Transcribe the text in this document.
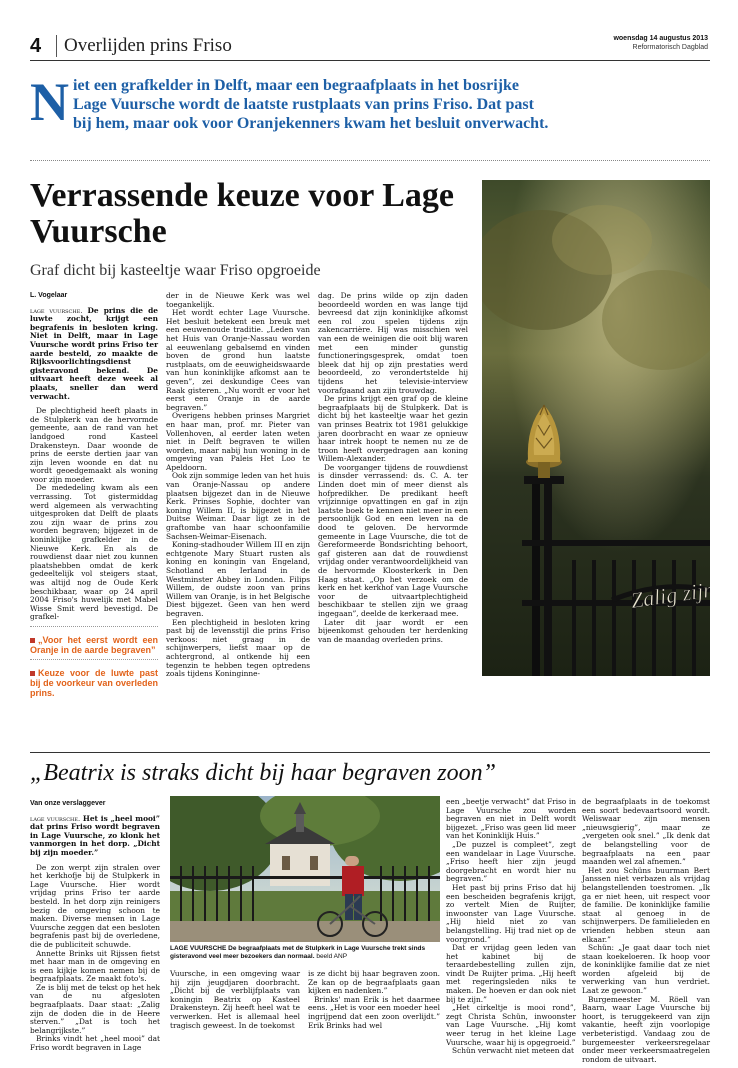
4 Overlijden prins Friso	woensdag 14 augustus 2013
Reformatorisch Dagblad
Niet een grafkelder in Delft, maar een begraafplaats in het bosrijke Lage Vuursche wordt de laatste rustplaats van prins Friso. Dat past bij hem, maar ook voor Oranjekenners kwam het besluit onverwacht.
Verrassende keuze voor Lage Vuursche
Graf dicht bij kasteeltje waar Friso opgroeide
L. Vogelaar

lage vuursche. De prins die de luwte zocht, krijgt een begrafenis in besloten kring. Niet in Delft, maar in Lage Vuursche wordt prins Friso ter aarde besteld, zo maakte de Rijksvoorlichtingsdienst gisteravond bekend. De uitvaart heeft deze week al plaats, sneller dan werd verwacht.

De plechtigheid heeft plaats in de Stulpkerk van de hervormde gemeente, aan de rand van het landgoed rond Kasteel Drakensteyn. Daar woonde de prins de eerste dertien jaar van zijn leven woonde en dat nu wordt geoedgemaakt als woning voor zijn moeder.

De mededeling kwam als een verrassing. Tot gistermiddag werd algemeen als verwachting uitgesproken dat Delft de plaats zou zijn waar de prins zou worden begraven; bijgezet in de koninklijke grafkelder in de Nieuwe Kerk. En als de rouwdienst daar niet zou kunnen plaatshebben omdat de kerk gedeeltelijk vol steigers staat, was altijd nog de Oude Kerk beschikbaar, waar op 24 april 2004 Friso's huwelijk met Mabel Wisse Smit werd bevestigd. De grafkel-

„Voor het eerst wordt een Oranje in de aarde begraven”
Keuze voor de luwte past bij de voorkeur van overleden prins.

der in de Nieuwe Kerk was wel toegankelijk.

Het wordt echter Lage Vuursche. Het besluit betekent een breuk met een eeuwenoude traditie. „Leden van het Huis van Oranje-Nassau worden al eeuwenlang gebalsemd en vinden boven de grond hun laatste rustplaats, om de eeuwigheidswaarde van hun koninklijke afkomst aan te geven”, zei deskundige Cees van Raak gisteren. „Nu wordt er voor het eerst een Oranje in de aarde begraven.”

Overigens hebben prinses Margriet en haar man, prof. mr. Pieter van Vollenhoven, al eerder laten weten niet in Delft begraven te willen worden, maar nabij hun woning in de omgeving van Paleis Het Loo te Apeldoorn.

Ook zijn sommige leden van het huis van Oranje-Nassau op andere plaatsen bijgezet dan in de Nieuwe Kerk. Prinses Sophie, dochter van koning Willem II, is bijgezet in het Duitse Weimar. Daar ligt ze in de graftombe van haar schoonfamilie Sachsen-Weimar-Eisenach.

Koning-stadhouder Willem III en zijn echtgenote Mary Stuart rusten als koning en koningin van Engeland, Schotland en Ierland in de Westminster Abbey in Londen. Filips Willem, de oudste zoon van prins Willem van Oranje, is in het Belgische Diest bijgezet. Geen van hen werd begraven.

Een plechtigheid in besloten kring past bij de levensstijl die prins Friso verkoos: niet graag in de schijnwerpers, liefst maar op de achtergrond, al ontkende hij een tegenzin te hebben tegen optredens zoals tijdens Koninginne-

dag. De prins wilde op zijn daden beoordeeld worden en was lange tijd bevreesd dat zijn koninklijke afkomst een rol zou spelen tijdens zijn zakencarrière. Hij was misschien wel van een de weinigen die ooit blij waren met een minder gunstig functioneringsgesprek, omdat toen bleek dat hij op zijn prestaties werd beoordeeld, zo verondertstelde hij tijdens het televisie-interview voorafgaand aan zijn trouwdag.

De prins krijgt een graf op de kleine begraafplaats bij de Stulpkerk. Dat is dicht bij het kasteeltje waar het gezin van prinses Beatrix tot 1981 gelukkige jaren doorbracht en waar ze opnieuw haar intrek hoopt te nemen nu ze de troon heeft overgedragen aan koning Willem-Alexander.

De voorganger tijdens de rouwdienst is dinsder verrassend: ds. C. A. ter Linden doet min of meer dienst als hofpredikher. De predikant heeft vrijzinnige opvattingen en gaf in zijn laatste boek te kennen niet meer in een persoonlijk God en een leven na de dood te geloven. De hervormde gemeente in Lage Vuursche, die tot de Gereformeerde Bondsrichting behoort, gaf gisteren aan dat de rouwdienst vrijdag onder verantwoordelijkheid van de hervormde Kloosterkerk in Den Haag staat. „Op het verzoek om de kerk en het kerkhof van Lage Vuursche voor de uitvaartplechtigheid beschikbaar te stellen zijn we graag ingegaan”, deelde de kerkeraad mee.

Later dit jaar wordt er een bijeenkomst gehouden ter herdenking van de maandag overleden prins.

Zalig zijn
„Beatrix is straks dicht bij haar begraven zoon”
Van onze verslaggever

lage vuursche. Het is „heel mooi” dat prins Friso wordt begraven in Lage Vuursche, zo klonk het vanmorgen in het dorp. „Dicht bij zijn moeder.”

De zon werpt zijn stralen over het kerkhofje bij de Stulpkerk in Lage Vuursche. Hier wordt vrijdag prins Friso ter aarde besteld. In het dorp zijn reinigers bezig de omgeving schoon te maken. Diverse mensen in Lage Vuursche zeggen dat een besloten begrafenis past bij de overledene, die de publiciteit schuwde.

Annette Brinks uit Rijssen fietst met haar man in de omgeving en is een kijkje komen nemen bij de begraafplaats. Ze maakt foto's.

Ze is blij met de tekst op het hek van de nu afgesloten begraafplaats. Daar staat: „Zalig zijn de doden die in de Heere sterven.” „Dat is toch het belangrijkste.”

Brinks vindt het „heel mooi” dat Friso wordt begraven in Lage

LAGE VUURSCHE De begraafplaats met de Stulpkerk in Lage Vuursche trekt sinds gisteravond veel meer bezoekers dan normaal. beeld ANP

Vuursche, in een omgeving waar hij zijn jeugdjaren doorbracht. „Dicht bij de verblijfplaats van koningin Beatrix op Kasteel Drakensteyn. Zij heeft heel wat te verwerken. Het is allemaal heel tragisch geweest. In de toekomst

is ze dicht bij haar begraven zoon. Ze kan op de begraafplaats gaan kijken en nadenken.”

Brinks' man Erik is het daarmee eens. „Het is voor een moeder heel ingrijpend dat een zoon overlijdt.” Erik Brinks had wel

een „beetje verwacht” dat Friso in Lage Vuursche zou worden begraven en niet in Delft wordt bijgezet. „Friso was geen lid meer van het Koninklijk Huis.”

„De puzzel is compleet”, zegt een wandelaar in Lage Vuursche. „Friso heeft hier zijn jeugd doorgebracht en wordt hier nu begraven.”

Het past bij prins Friso dat hij een bescheiden begrafenis krijgt, zo vertelt Mien de Ruijter, inwoonster van Lage Vuursche. „Hij hield niet zo van belangstelling. Hij trad niet op de voorgrond.”

Dat er vrijdag geen leden van het kabinet bij de teraardebestelling zullen zijn, vindt De Ruijter prima. „Hij heeft met regeringsleden niks te maken. De hoeven er dan ook niet bij te zijn.”

„Het cirkeltje is mooi rond”, zegt Christa Schün, inwoonster van Lage Vuursche. „Hij komt weer terug in het kleine Lage Vuursche, waar hij is opgegroeid.”

Schün verwacht niet meteen dat

de begraafplaats in de toekomst een soort bedevaartsoord wordt. Weliswaar zijn mensen „nieuwsgierig”, maar ze „vergeten ook snel.” „Ik denk dat de belangstelling voor de begraafplaats na een paar maanden wel zal afnemen.”

Het zou Schüns buurman Bert Janssen niet verbazen als vrijdag belangstellenden toestromen. „Ik ga er niet heen, uit respect voor de familie. De koninklijke familie staat al genoeg in de schijnwerpers. De familieleden en vrienden hebben steun aan elkaar.”

Schün: „Je gaat daar toch niet staan koekeloeren. Ik hoop voor de koninklijke familie dat ze niet worden afgeleid bij de verwerking van hun verdriet. Laat ze gewoon.”

Burgemeester M. Röell van Baarn, waar Lage Vuursche bij hoort, is teruggekeerd van zijn vakantie, heeft zijn voorlopige verbeteristigd. Vandaag zou de burgemeester verkeersregelaar onder meer verkeersmaatregelen rondom de uitvaart.
